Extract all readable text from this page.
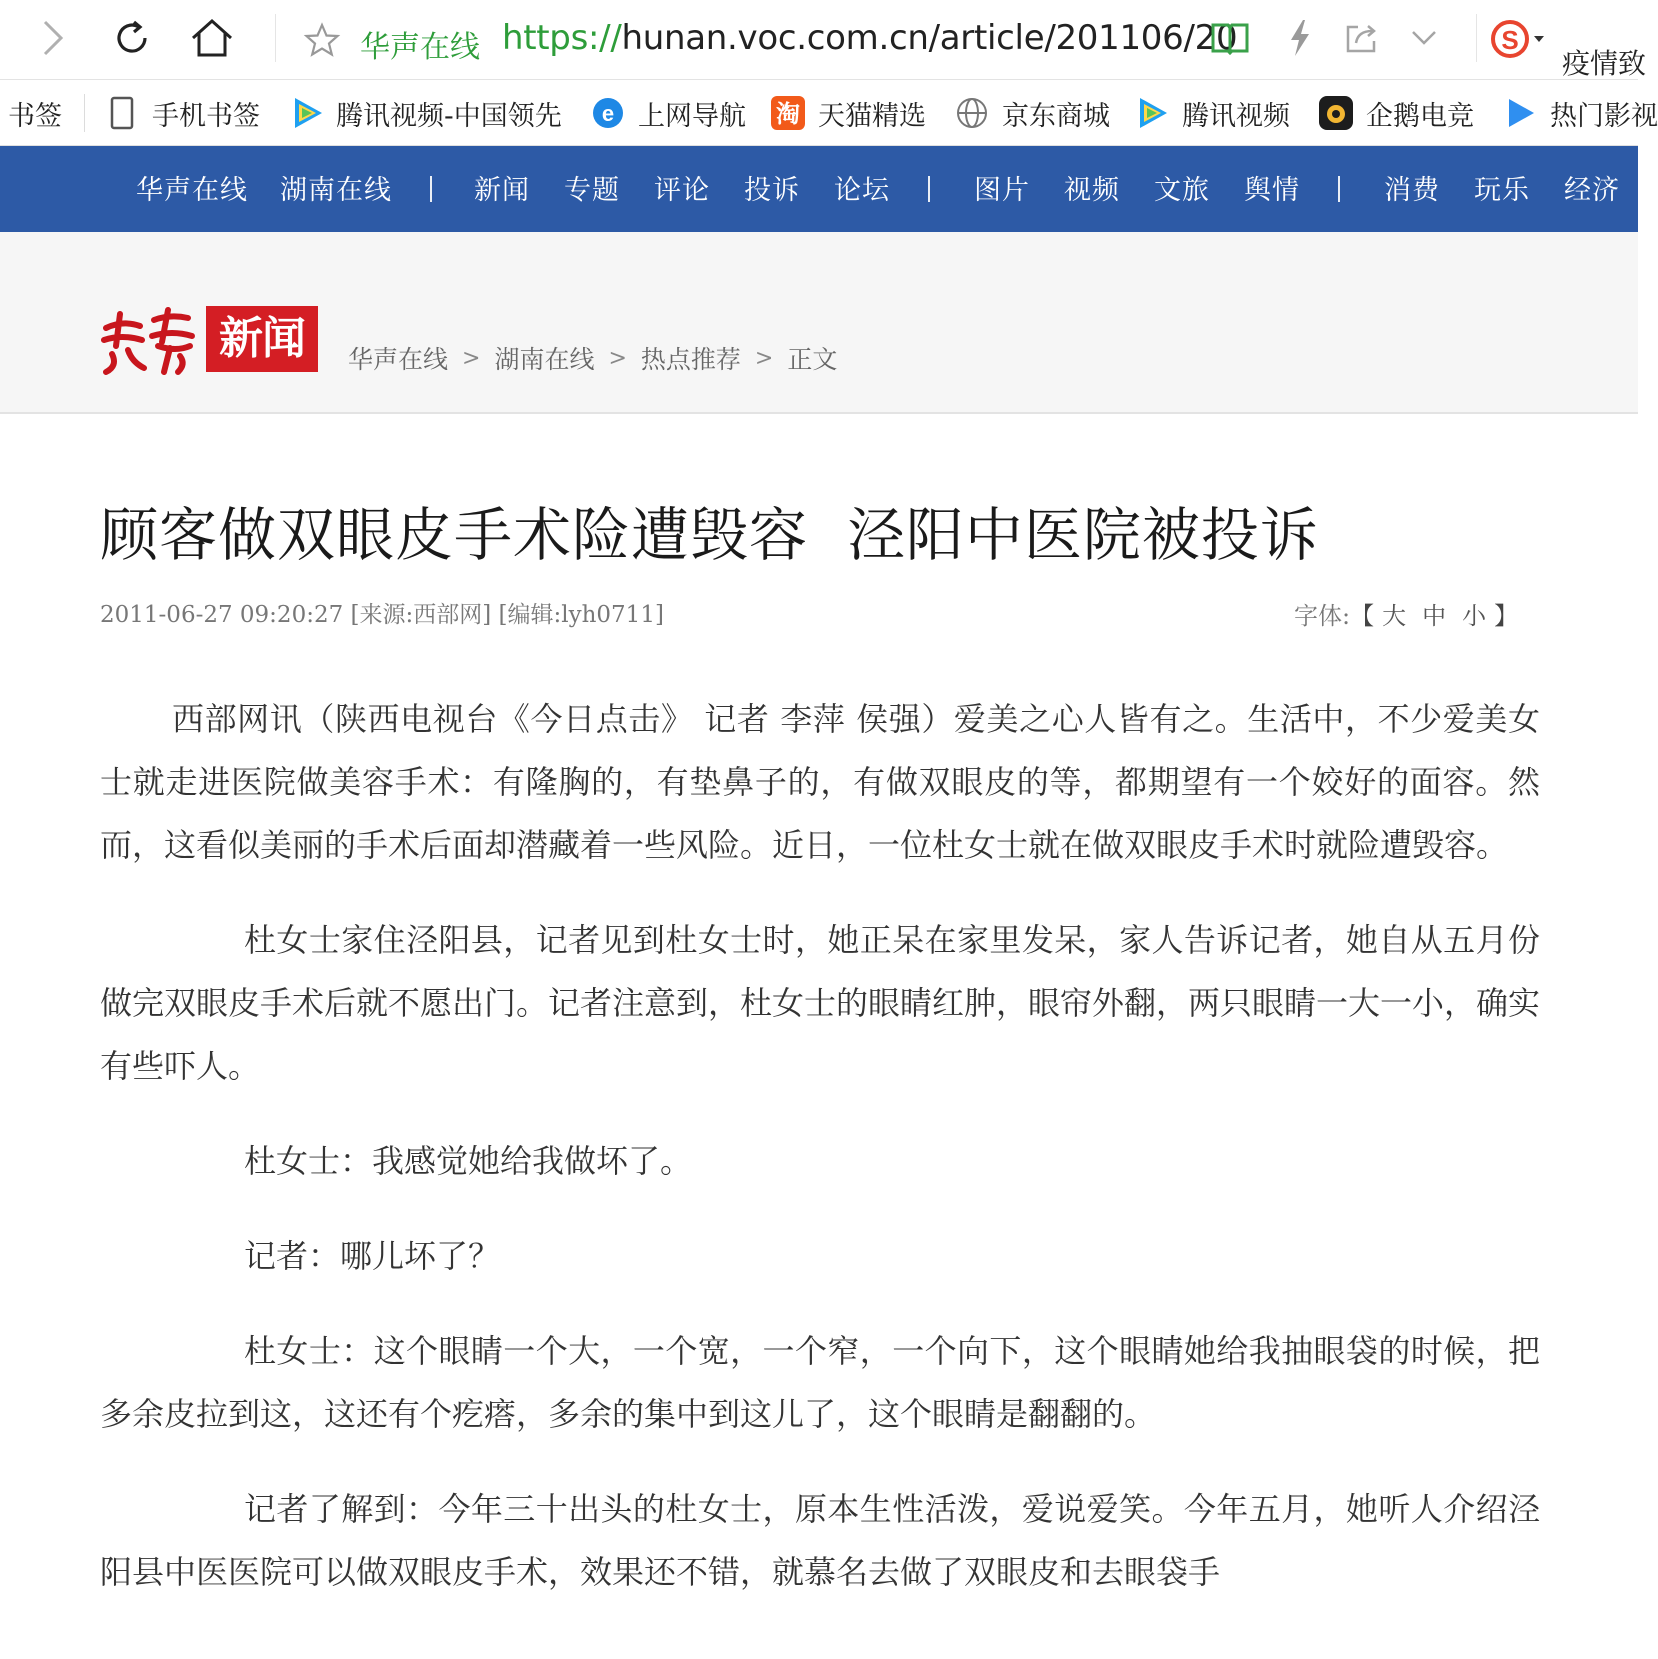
华声在线 https://hunan.voc.com.cn/article/201106/20	S
疫情致
书签	手机书签	腾讯视频-中国领先 e 上网导航 淘 天猫精选	京东商城	腾讯视频	企鹅电竞	热门影视
华声在线 湖南在线	新闻 专题 评论 投诉 论坛	图片 视频 文旅 舆情	消费 玩乐 经济
新闻	华声在线 > 湖南在线 > 热点推荐 > 正文
顾客做双眼皮手术险遭毁容  泾阳中医院被投诉
2011-06-27 09:20:27 [来源:西部网] [编辑:lyh0711]	字体:【 大 中 小 】

西部网讯（陕西电视台《今日点击》 记者 李萍 侯强）爱美之心人皆有之。生活中，不少爱美女士就走进医院做美容手术：有隆胸的，有垫鼻子的，有做双眼皮的等，都期望有一个姣好的面容。然而，这看似美丽的手术后面却潜藏着一些风险。近日，一位杜女士就在做双眼皮手术时就险遭毁容。

杜女士家住泾阳县，记者见到杜女士时，她正呆在家里发呆，家人告诉记者，她自从五月份做完双眼皮手术后就不愿出门。记者注意到，杜女士的眼睛红肿，眼帘外翻，两只眼睛一大一小，确实有些吓人。

杜女士：我感觉她给我做坏了。

记者：哪儿坏了？

杜女士：这个眼睛一个大，一个宽，一个窄，一个向下，这个眼睛她给我抽眼袋的时候，把多余皮拉到这，这还有个疙瘩，多余的集中到这儿了，这个眼睛是翻翻的。

记者了解到：今年三十出头的杜女士，原本生性活泼，爱说爱笑。今年五月，她听人介绍泾阳县中医医院可以做双眼皮手术，效果还不错，就慕名去做了双眼皮和去眼袋手
